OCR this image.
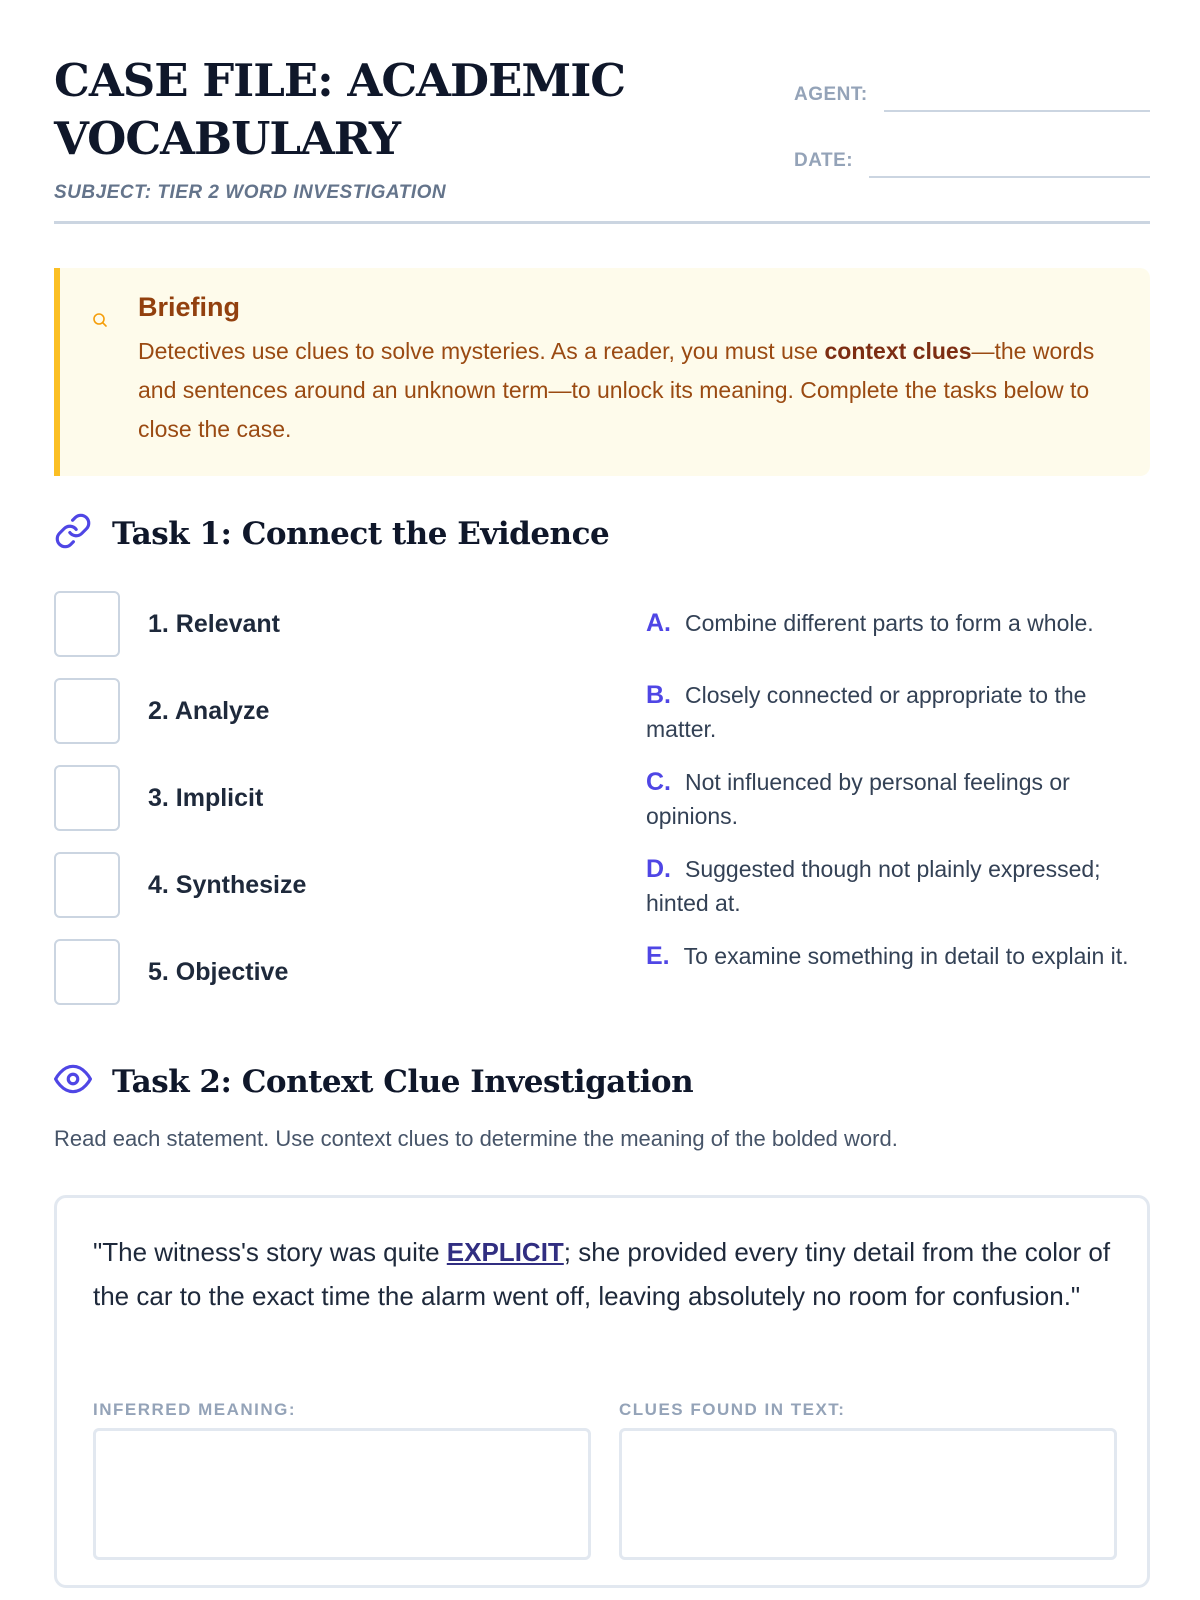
CASE FILE: ACADEMIC VOCABULARY
SUBJECT: TIER 2 WORD INVESTIGATION
AGENT:
DATE:
Briefing
Detectives use clues to solve mysteries. As a reader, you must use context clues—the words and sentences around an unknown term—to unlock its meaning. Complete the tasks below to close the case.
Task 1: Connect the Evidence
1. Relevant
2. Analyze
3. Implicit
4. Synthesize
5. Objective
A. Combine different parts to form a whole.
B. Closely connected or appropriate to the matter.
C. Not influenced by personal feelings or opinions.
D. Suggested though not plainly expressed; hinted at.
E. To examine something in detail to explain it.
Task 2: Context Clue Investigation
Read each statement. Use context clues to determine the meaning of the bolded word.
"The witness's story was quite EXPLICIT; she provided every tiny detail from the color of the car to the exact time the alarm went off, leaving absolutely no room for confusion."
INFERRED MEANING:	CLUES FOUND IN TEXT:
